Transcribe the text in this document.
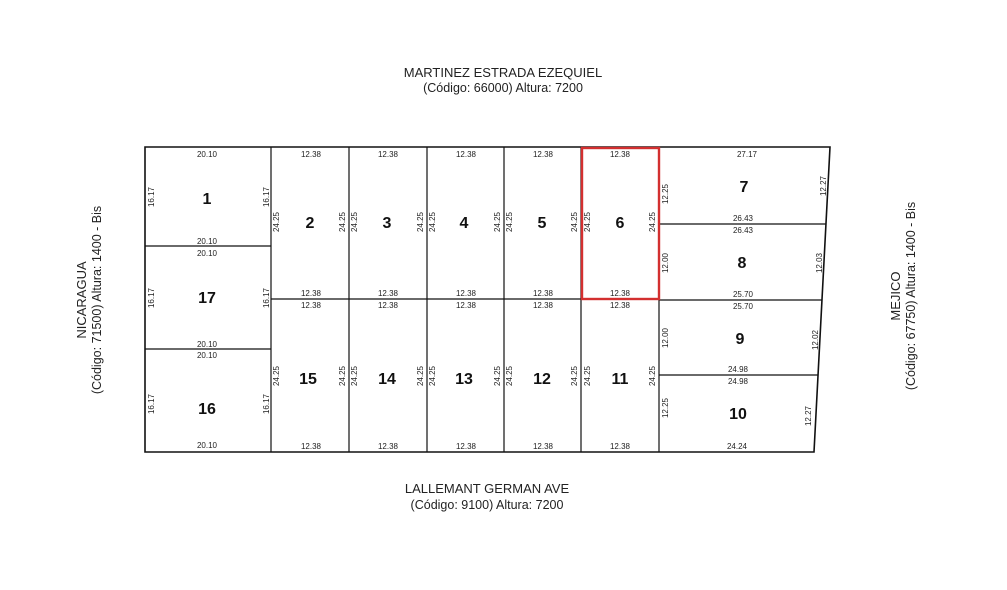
MARTINEZ ESTRADA EZEQUIEL
(Código: 66000) Altura: 7200
LALLEMANT GERMAN AVE
(Código: 9100) Altura: 7200
NICARAGUA (Código: 71500) Altura: 1400 - Bis	MEJICO (Código: 67750) Altura: 1400 - Bis
1
2	3	4	5	6
7
8
9
10
11
12
13
14
15
16
17
20.10
20.10
20.10
20.10
20.10
20.10
16.17	16.17
16.17	16.17
16.17	16.17
12.38	12.38	12.38	12.38	12.38
12.38	12.38	12.38	12.38	12.38
12.38	12.38	12.38	12.38	12.38
12.38	12.38	12.38	12.38	12.38
24.25	24.25 24.25	24.25 24.25	24.25 24.25	24.25 24.25	24.25
24.25	24.25 24.25	24.25 24.25	24.25 24.25	24.25 24.25	24.25
27.17
26.43
26.43
25.70
25.70
24.98
24.98
24.24
12.25
12.00
12.00
12.25
12.27
12.03
12.02
12.27
